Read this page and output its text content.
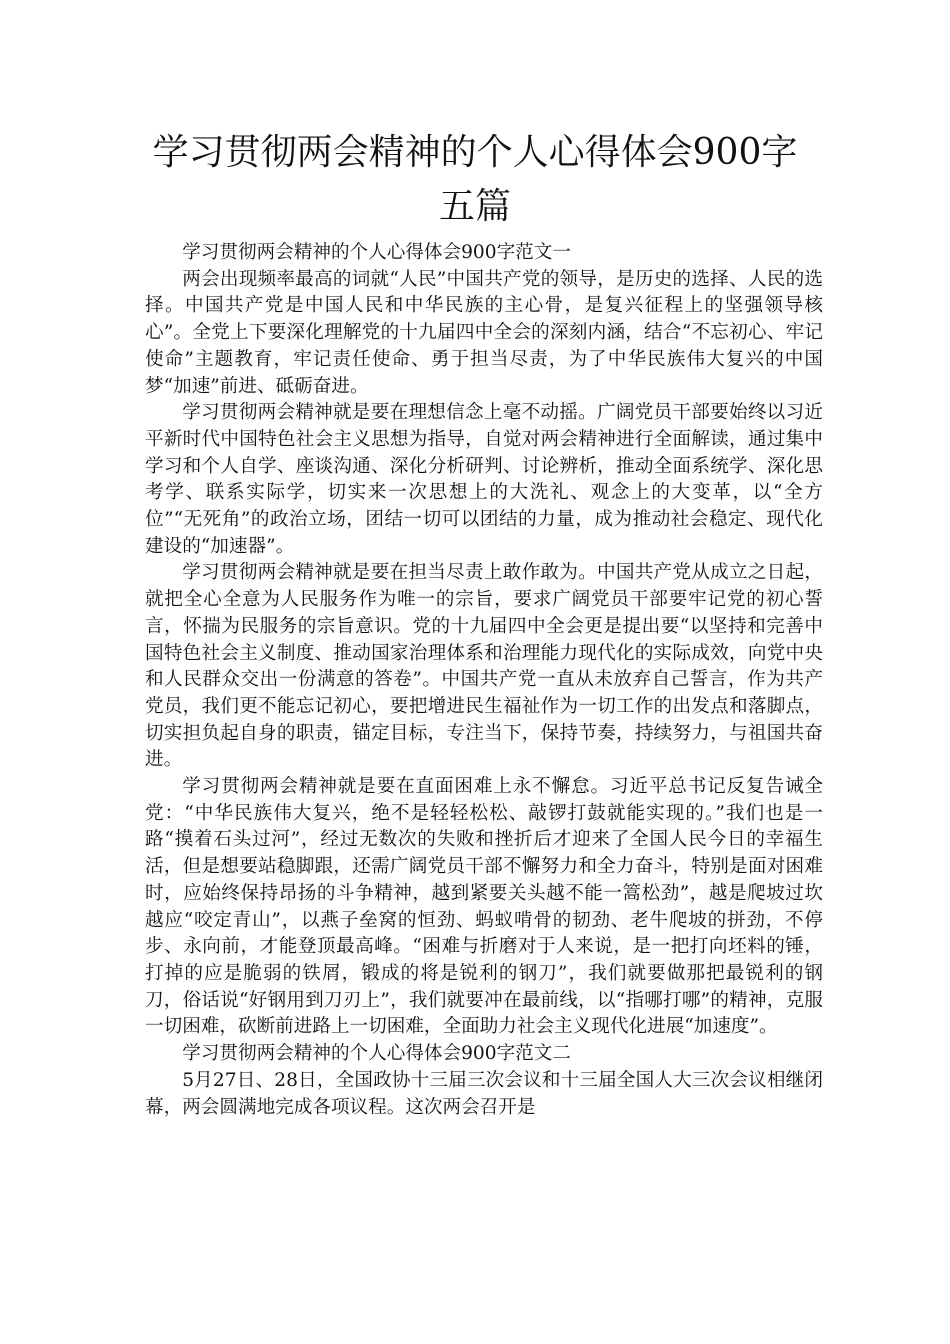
学习贯彻两会精神的个人心得体会900字
五篇

学习贯彻两会精神的个人心得体会900字范文一

两会出现频率最高的词就“人民”中国共产党的领导，是历史的选择、人民的选择。中国共产党是中国人民和中华民族的主心骨，是复兴征程上的坚强领导核心”。全党上下要深化理解党的十九届四中全会的深刻内涵，结合“不忘初心、牢记使命”主题教育，牢记责任使命、勇于担当尽责，为了中华民族伟大复兴的中国梦“加速”前进、砥砺奋进。

学习贯彻两会精神就是要在理想信念上毫不动摇。广阔党员干部要始终以习近平新时代中国特色社会主义思想为指导，自觉对两会精神进行全面解读，通过集中学习和个人自学、座谈沟通、深化分析研判、讨论辨析，推动全面系统学、深化思考学、联系实际学，切实来一次思想上的大洗礼、观念上的大变革，以“全方位”“无死角”的政治立场，团结一切可以团结的力量，成为推动社会稳定、现代化建设的“加速器”。

学习贯彻两会精神就是要在担当尽责上敢作敢为。中国共产党从成立之日起，就把全心全意为人民服务作为唯一的宗旨，要求广阔党员干部要牢记党的初心誓言，怀揣为民服务的宗旨意识。党的十九届四中全会更是提出要“以坚持和完善中国特色社会主义制度、推动国家治理体系和治理能力现代化的实际成效，向党中央和人民群众交出一份满意的答卷”。中国共产党一直从未放弃自己誓言，作为共产党员，我们更不能忘记初心，要把增进民生福祉作为一切工作的出发点和落脚点，切实担负起自身的职责，锚定目标，专注当下，保持节奏，持续努力，与祖国共奋进。

学习贯彻两会精神就是要在直面困难上永不懈怠。习近平总书记反复告诫全党：“中华民族伟大复兴，绝不是轻轻松松、敲锣打鼓就能实现的。”我们也是一路“摸着石头过河”，经过无数次的失败和挫折后才迎来了全国人民今日的幸福生活，但是想要站稳脚跟，还需广阔党员干部不懈努力和全力奋斗，特别是面对困难时，应始终保持昂扬的斗争精神，越到紧要关头越不能一篙松劲”，越是爬坡过坎越应“咬定青山”，以燕子垒窝的恒劲、蚂蚁啃骨的韧劲、老牛爬坡的拼劲，不停步、永向前，才能登顶最高峰。“困难与折磨对于人来说，是一把打向坯料的锤，打掉的应是脆弱的铁屑，锻成的将是锐利的钢刀”，我们就要做那把最锐利的钢刀，俗话说“好钢用到刀刃上”，我们就要冲在最前线，以“指哪打哪”的精神，克服一切困难，砍断前进路上一切困难，全面助力社会主义现代化进展“加速度”。

学习贯彻两会精神的个人心得体会900字范文二

5月27日、28日，全国政协十三届三次会议和十三届全国人大三次会议相继闭幕，两会圆满地完成各项议程。这次两会召开是
